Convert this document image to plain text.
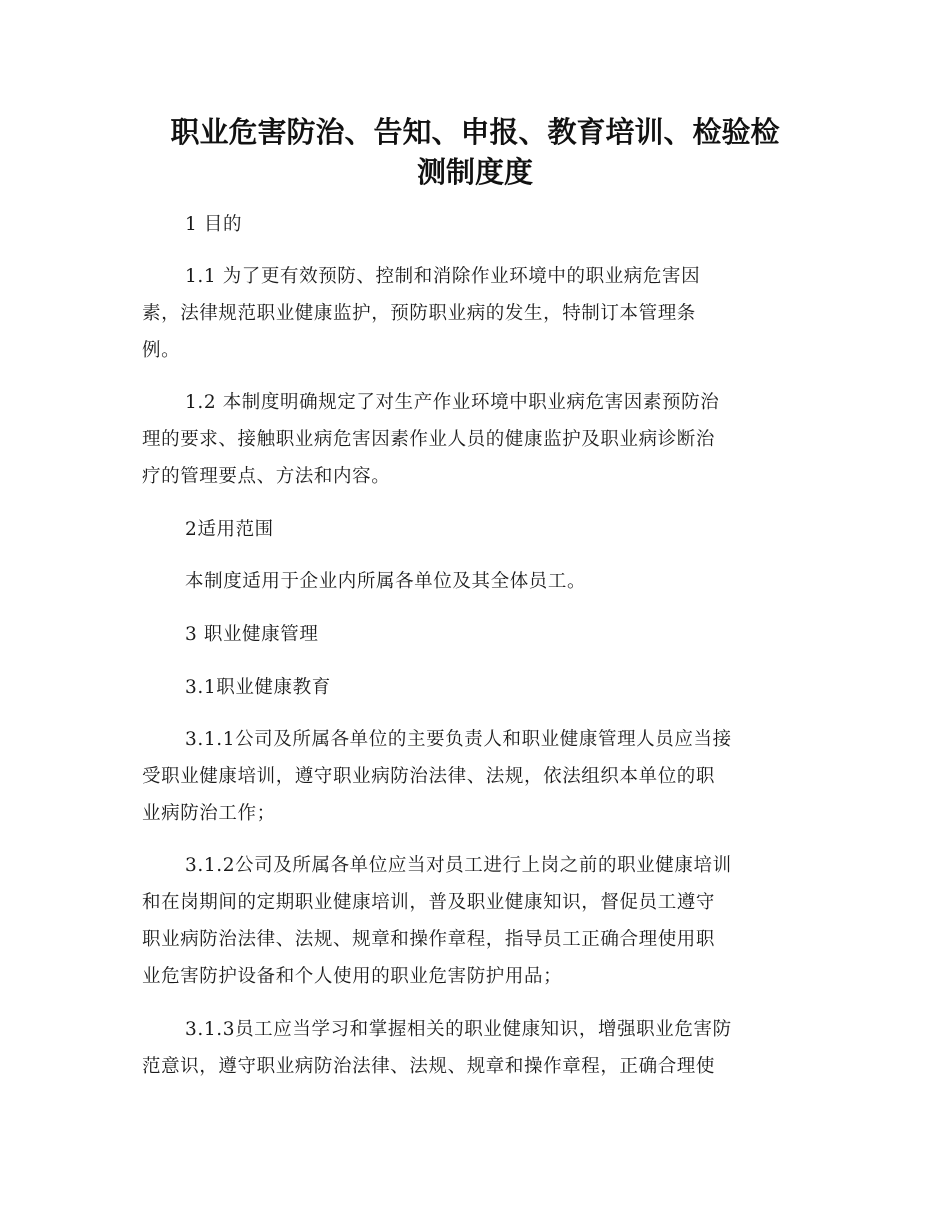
职业危害防治、告知、申报、教育培训、检验检
测制度度

1 目的

1.1 为了更有效预防、控制和消除作业环境中的职业病危害因
素，法律规范职业健康监护，预防职业病的发生，特制订本管理条
例。

1.2 本制度明确规定了对生产作业环境中职业病危害因素预防治
理的要求、接触职业病危害因素作业人员的健康监护及职业病诊断治
疗的管理要点、方法和内容。

2适用范围

本制度适用于企业内所属各单位及其全体员工。

3 职业健康管理

3.1职业健康教育

3.1.1公司及所属各单位的主要负责人和职业健康管理人员应当接
受职业健康培训，遵守职业病防治法律、法规，依法组织本单位的职
业病防治工作；

3.1.2公司及所属各单位应当对员工进行上岗之前的职业健康培训
和在岗期间的定期职业健康培训，普及职业健康知识，督促员工遵守
职业病防治法律、法规、规章和操作章程，指导员工正确合理使用职
业危害防护设备和个人使用的职业危害防护用品；

3.1.3员工应当学习和掌握相关的职业健康知识，增强职业危害防
范意识，遵守职业病防治法律、法规、规章和操作章程，正确合理使
